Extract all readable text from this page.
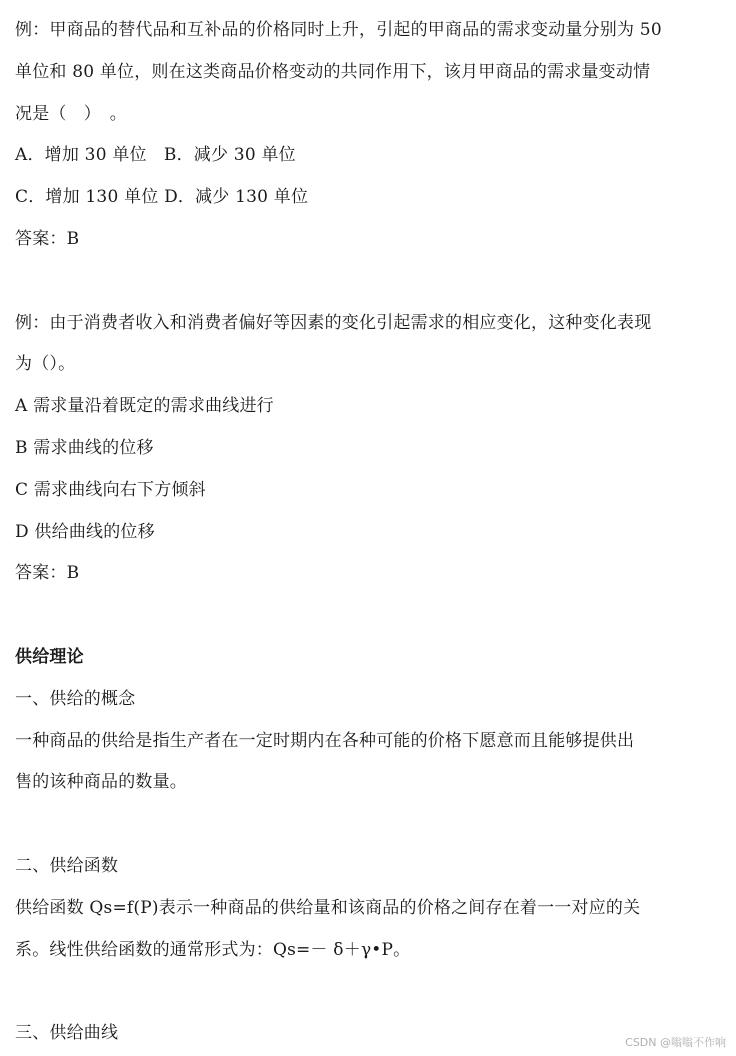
例：甲商品的替代品和互补品的价格同时上升，引起的甲商品的需求变动量分别为 50
单位和 80 单位，则在这类商品价格变动的共同作用下，该月甲商品的需求量变动情
况是（　）　。
A．增加 30 单位　B．减少 30 单位
C．增加 130 单位 D．减少 130 单位
答案：B
例：由于消费者收入和消费者偏好等因素的变化引起需求的相应变化，这种变化表现
为（）。
A 需求量沿着既定的需求曲线进行
B 需求曲线的位移
C 需求曲线向右下方倾斜
D 供给曲线的位移
答案：B
供给理论
一、供给的概念
一种商品的供给是指生产者在一定时期内在各种可能的价格下愿意而且能够提供出
售的该种商品的数量。
二、供给函数
供给函数 Qs=f(P)表示一种商品的供给量和该商品的价格之间存在着一一对应的关
系。线性供给函数的通常形式为：Qs=－ δ＋γ•P。
三、供给曲线	CSDN @嗡嗡不作响
